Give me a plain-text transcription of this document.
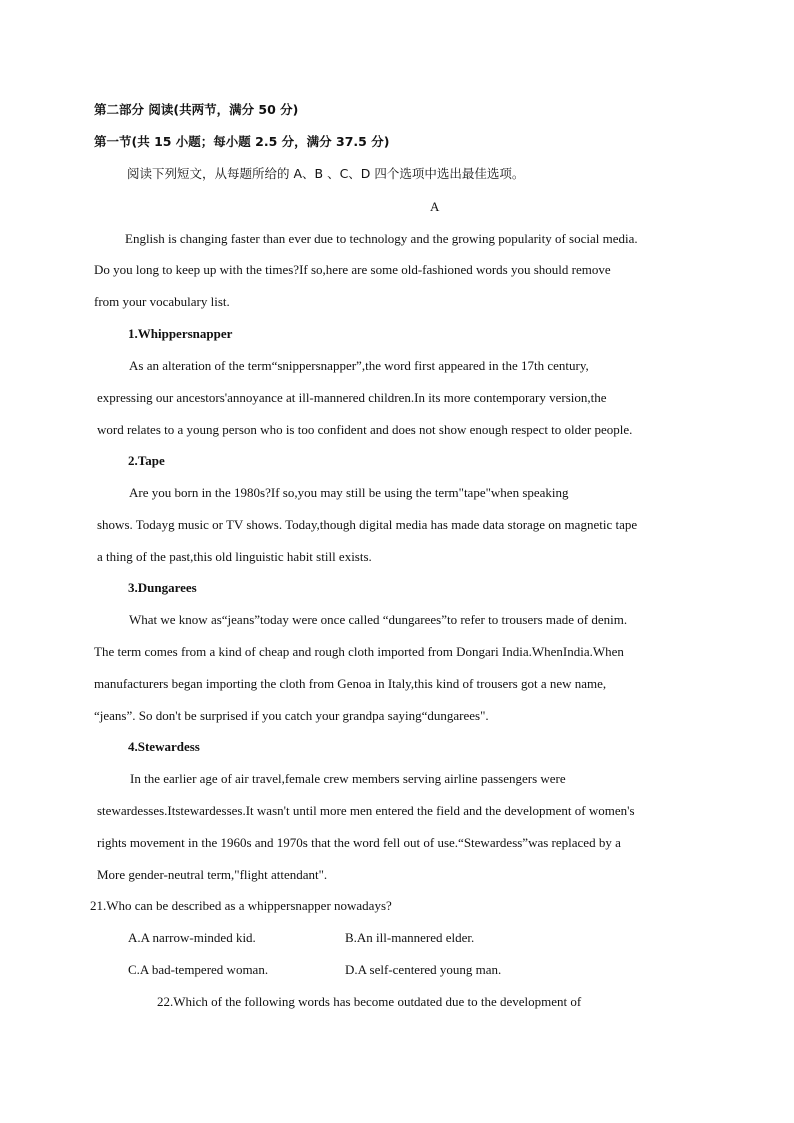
第二部分 阅读(共两节，满分 50 分)
第一节(共 15 小题；每小题 2.5 分，满分 37.5 分)
阅读下列短文，从每题所给的 A、B 、C、D 四个选项中选出最佳选项。
A
English is changing faster than ever due to technology and the growing popularity of social media.
Do you long to keep up with the times?If so,here are some old-fashioned words you should remove
from your vocabulary list.
1.Whippersnapper
As an alteration of the term“snippersnapper”,the word first appeared in the 17th century,
expressing our ancestors'annoyance at ill-mannered children.In its more contemporary version,the
word relates to a young person who is too confident and does not show enough respect to older people.
2.Tape
Are you born in the 1980s?If so,you may still be using the term"tape"when speaking
shows. Todayg music or TV shows. Today,though digital media has made data storage on magnetic tape
a thing of the past,this old linguistic habit still exists.
3.Dungarees
What we know as“jeans”today were once called “dungarees”to refer to trousers made of denim.
The term comes from a kind of cheap and rough cloth imported from Dongari India.WhenIndia.When
manufacturers began importing the cloth from Genoa in Italy,this kind of trousers got a new name,
“jeans”. So don't be surprised if you catch your grandpa saying“dungarees".
4.Stewardess
In the earlier age of air travel,female crew members serving airline passengers were
stewardesses.Itstewardesses.It wasn't until more men entered the field and the development of women's
rights movement in the 1960s and 1970s that the word fell out of use.“Stewardess”was replaced by a
More gender-neutral term,"flight attendant".
21.Who can be described as a whippersnapper nowadays?
A.A narrow-minded kid.	B.An ill-mannered elder.
C.A bad-tempered woman.	D.A self-centered young man.
22.Which of the following words has become outdated due to the development of
